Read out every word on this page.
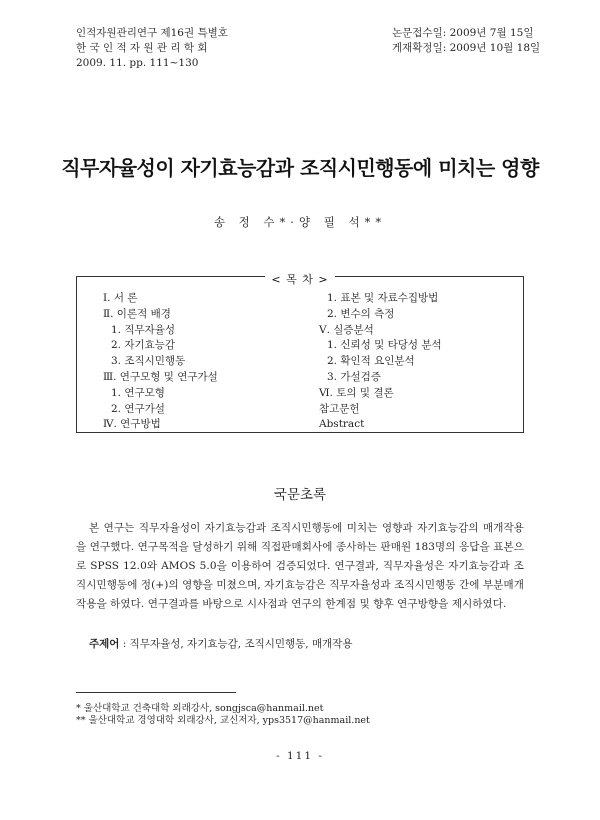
인적자원관리연구 제16권 특별호
한 국 인 적 자 원 관 리 학 회
2009. 11. pp. 111~130
논문접수일: 2009년 7월 15일
게재확정일: 2009년 10월 18일
직무자율성이 자기효능감과 조직시민행동에 미치는 영향
송 정 수*·양 필 석**
< 목 차 >
Ⅰ. 서 론
Ⅱ. 이론적 배경
1. 직무자율성
2. 자기효능감
3. 조직시민행동
Ⅲ. 연구모형 및 연구가설
1. 연구모형
2. 연구가설
Ⅳ. 연구방법
1. 표본 및 자료수집방법
2. 변수의 측정
Ⅴ. 실증분석
1. 신뢰성 및 타당성 분석
2. 확인적 요인분석
3. 가설검증
Ⅵ. 토의 및 결론
참고문헌
Abstract
국문초록
본 연구는 직무자율성이 자기효능감과 조직시민행동에 미치는 영향과 자기효능감의 매개작용을 연구했다. 연구목적을 달성하기 위해 직접판매회사에 종사하는 판매원 183명의 응답을 표본으로 SPSS 12.0와 AMOS 5.0을 이용하여 검증되었다. 연구결과, 직무자율성은 자기효능감과 조직시민행동에 정(+)의 영향을 미쳤으며, 자기효능감은 직무자율성과 조직시민행동 간에 부분매개작용을 하였다. 연구결과를 바탕으로 시사점과 연구의 한계점 및 향후 연구방향을 제시하였다.
주제어 : 직무자율성, 자기효능감, 조직시민행동, 매개작용
* 울산대학교 건축대학 외래강사, songjsca@hanmail.net
** 울산대학교 경영대학 외래강사, 교신저자, yps3517@hanmail.net
- 111 -
